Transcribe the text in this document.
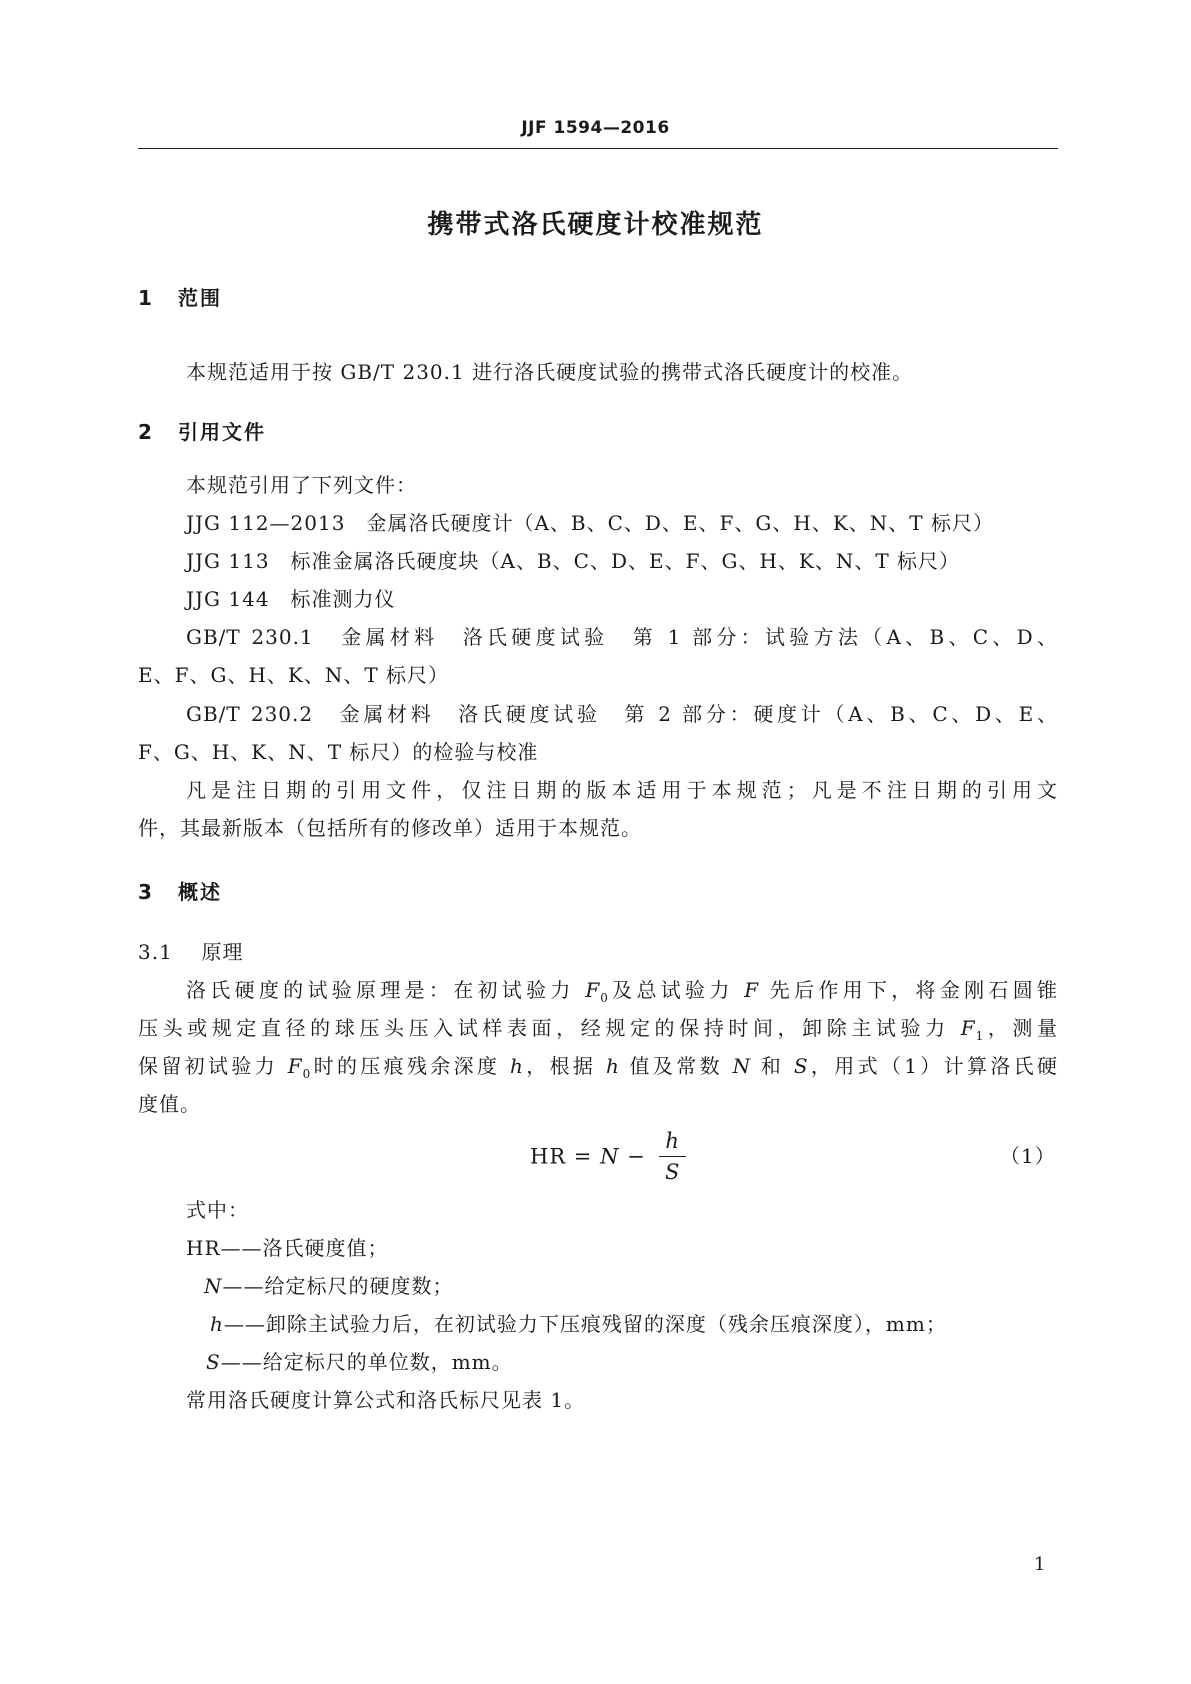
JJF 1594—2016
携带式洛氏硬度计校准规范
1 范围
本规范适用于按 GB/T 230.1 进行洛氏硬度试验的携带式洛氏硬度计的校准。
2 引用文件
本规范引用了下列文件：
JJG 112—2013　金属洛氏硬度计（A、B、C、D、E、F、G、H、K、N、T 标尺）
JJG 113　标准金属洛氏硬度块（A、B、C、D、E、F、G、H、K、N、T 标尺）
JJG 144　标准测力仪
GB/T 230.1　金属材料　洛氏硬度试验　第 1 部分：试验方法（A、B、C、D、
E、F、G、H、K、N、T 标尺）
GB/T 230.2　金属材料　洛氏硬度试验　第 2 部分：硬度计（A、B、C、D、E、
F、G、H、K、N、T 标尺）的检验与校准
凡是注日期的引用文件，仅注日期的版本适用于本规范；凡是不注日期的引用文
件，其最新版本（包括所有的修改单）适用于本规范。
3 概述
3.1 原理
洛氏硬度的试验原理是：在初试验力 $F_0$及总试验力 F 先后作用下，将金刚石圆锥
压头或规定直径的球压头压入试样表面，经规定的保持时间，卸除主试验力 $F_1$，测量
保留初试验力 $F_0$时的压痕残余深度 h，根据 h 值及常数 N 和 S，用式（1）计算洛氏硬
度值。
HR = $N - \frac{h}{S}$	（1）
式中：
HR——洛氏硬度值；
N——给定标尺的硬度数；
h——卸除主试验力后，在初试验力下压痕残留的深度（残余压痕深度），mm；
S——给定标尺的单位数，mm。
常用洛氏硬度计算公式和洛氏标尺见表 1。
1
